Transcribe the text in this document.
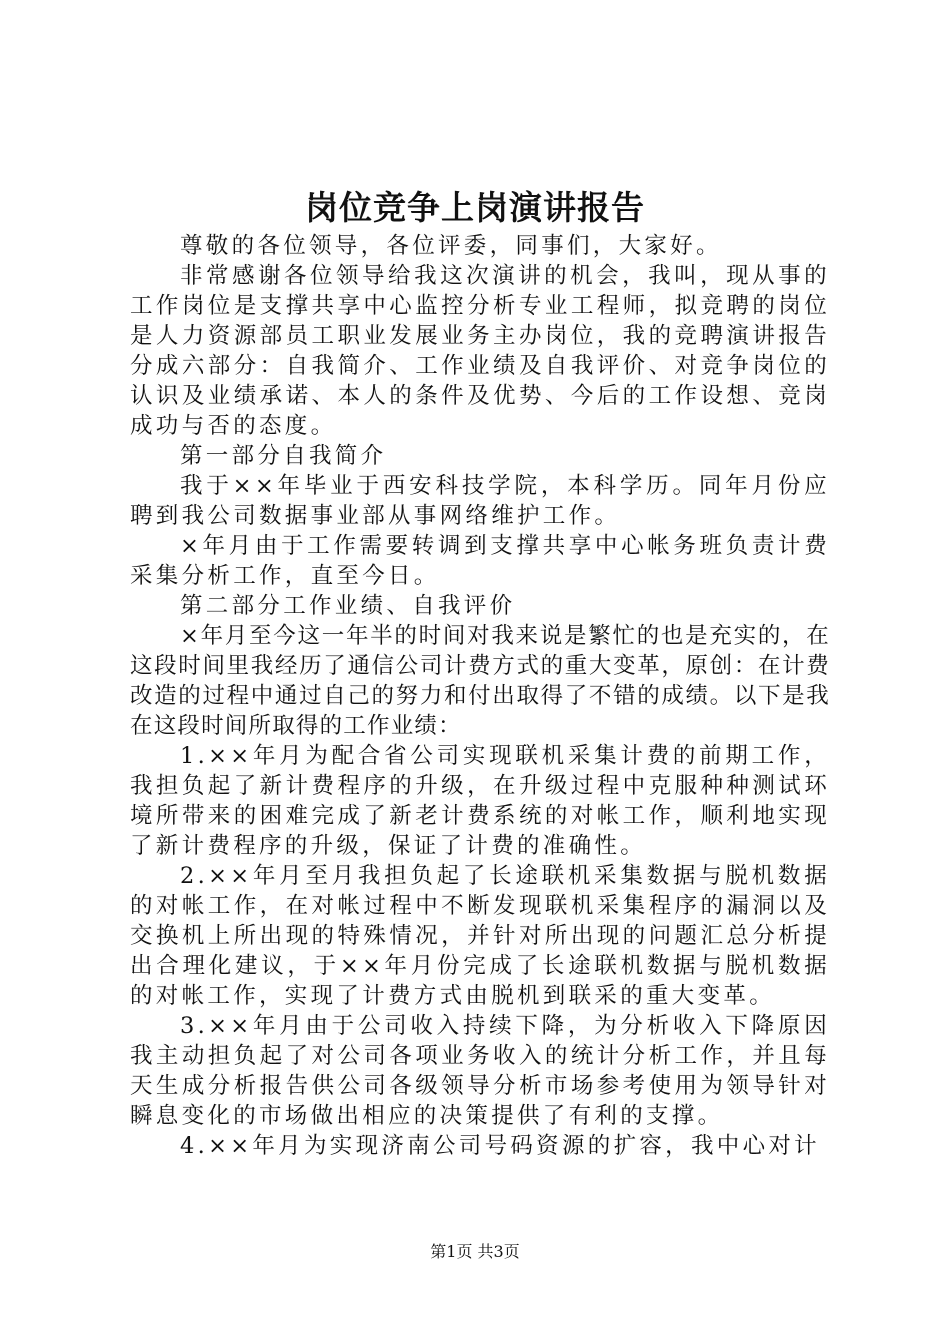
岗位竞争上岗演讲报告

尊敬的各位领导，各位评委，同事们，大家好。

非常感谢各位领导给我这次演讲的机会，我叫，现从事的工作岗位是支撑共享中心监控分析专业工程师，拟竞聘的岗位是人力资源部员工职业发展业务主办岗位，我的竞聘演讲报告分成六部分：自我简介、工作业绩及自我评价、对竞争岗位的认识及业绩承诺、本人的条件及优势、今后的工作设想、竞岗成功与否的态度。

第一部分自我简介

我于××年毕业于西安科技学院，本科学历。同年月份应聘到我公司数据事业部从事网络维护工作。

×年月由于工作需要转调到支撑共享中心帐务班负责计费采集分析工作，直至今日。

第二部分工作业绩、自我评价

×年月至今这一年半的时间对我来说是繁忙的也是充实的，在这段时间里我经历了通信公司计费方式的重大变革，原创：在计费改造的过程中通过自己的努力和付出取得了不错的成绩。以下是我在这段时间所取得的工作业绩：

1.××年月为配合省公司实现联机采集计费的前期工作，我担负起了新计费程序的升级，在升级过程中克服种种测试环境所带来的困难完成了新老计费系统的对帐工作，顺利地实现了新计费程序的升级，保证了计费的准确性。

2.××年月至月我担负起了长途联机采集数据与脱机数据的对帐工作，在对帐过程中不断发现联机采集程序的漏洞以及交换机上所出现的特殊情况，并针对所出现的问题汇总分析提出合理化建议，于××年月份完成了长途联机数据与脱机数据的对帐工作，实现了计费方式由脱机到联采的重大变革。

3.××年月由于公司收入持续下降，为分析收入下降原因我主动担负起了对公司各项业务收入的统计分析工作，并且每天生成分析报告供公司各级领导分析市场参考使用为领导针对瞬息变化的市场做出相应的决策提供了有利的支撑。

4.××年月为实现济南公司号码资源的扩容，我中心对计

第1页 共3页
